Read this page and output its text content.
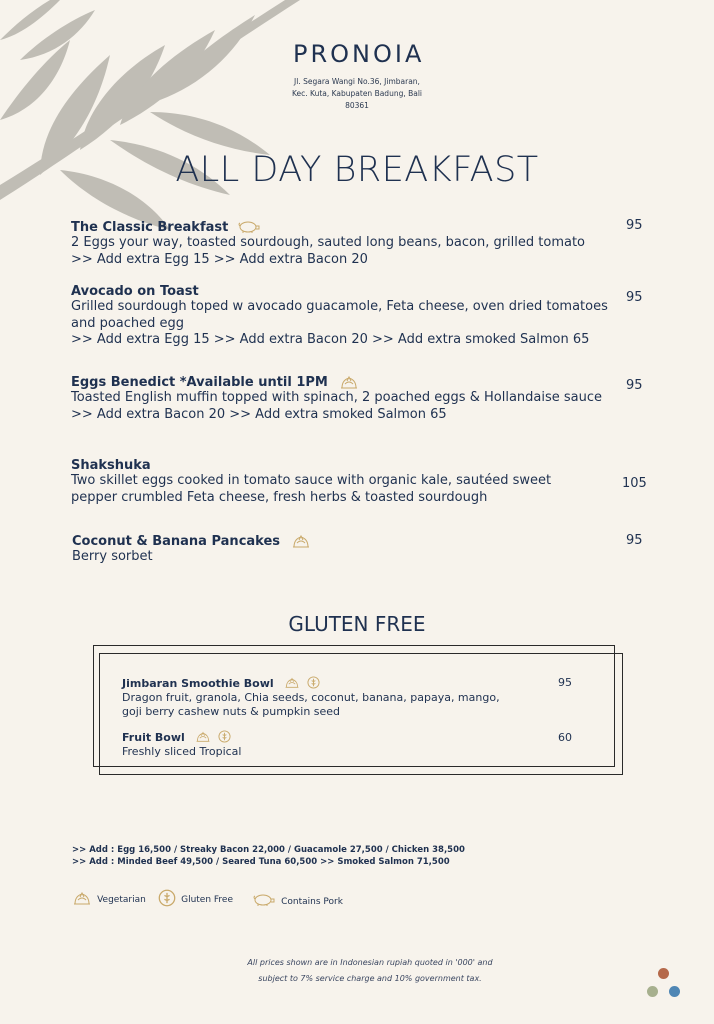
PRONOIA
Jl. Segara Wangi No.36, Jimbaran, Kec. Kuta, Kabupaten Badung, Bali 80361
ALL DAY BREAKFAST
The Classic Breakfast
2 Eggs your way, toasted sourdough, sauted long beans, bacon, grilled tomato
>> Add extra Egg 15 >> Add extra Bacon 20
95
Avocado on Toast
Grilled sourdough toped w avocado guacamole, Feta cheese, oven dried tomatoes and poached egg
>> Add extra Egg 15 >> Add extra Bacon 20 >> Add extra smoked Salmon 65
95
Eggs Benedict *Available until 1PM
Toasted English muffin topped with spinach, 2 poached eggs & Hollandaise sauce
>> Add extra Bacon 20 >> Add extra smoked Salmon 65
95
Shakshuka
Two skillet eggs cooked in tomato sauce with organic kale, sautéed sweet pepper crumbled Feta cheese, fresh herbs & toasted sourdough
105
Coconut & Banana Pancakes
Berry sorbet
95
GLUTEN FREE
Jimbaran Smoothie Bowl

Dragon fruit, granola, Chia seeds, coconut, banana, papaya, mango, goji berry cashew nuts & pumpkin seed
95
Fruit Bowl

Freshly sliced Tropical
60
>> Add : Egg 16,500 / Streaky Bacon 22,000 / Guacamole 27,500 / Chicken 38,500
>> Add : Minded Beef 49,500 / Seared Tuna 60,500 >> Smoked Salmon 71,500
Vegetarian	Gluten Free	Contains Pork
All prices shown are in Indonesian rupiah quoted in '000' and
subject to 7% service charge and 10% government tax.
